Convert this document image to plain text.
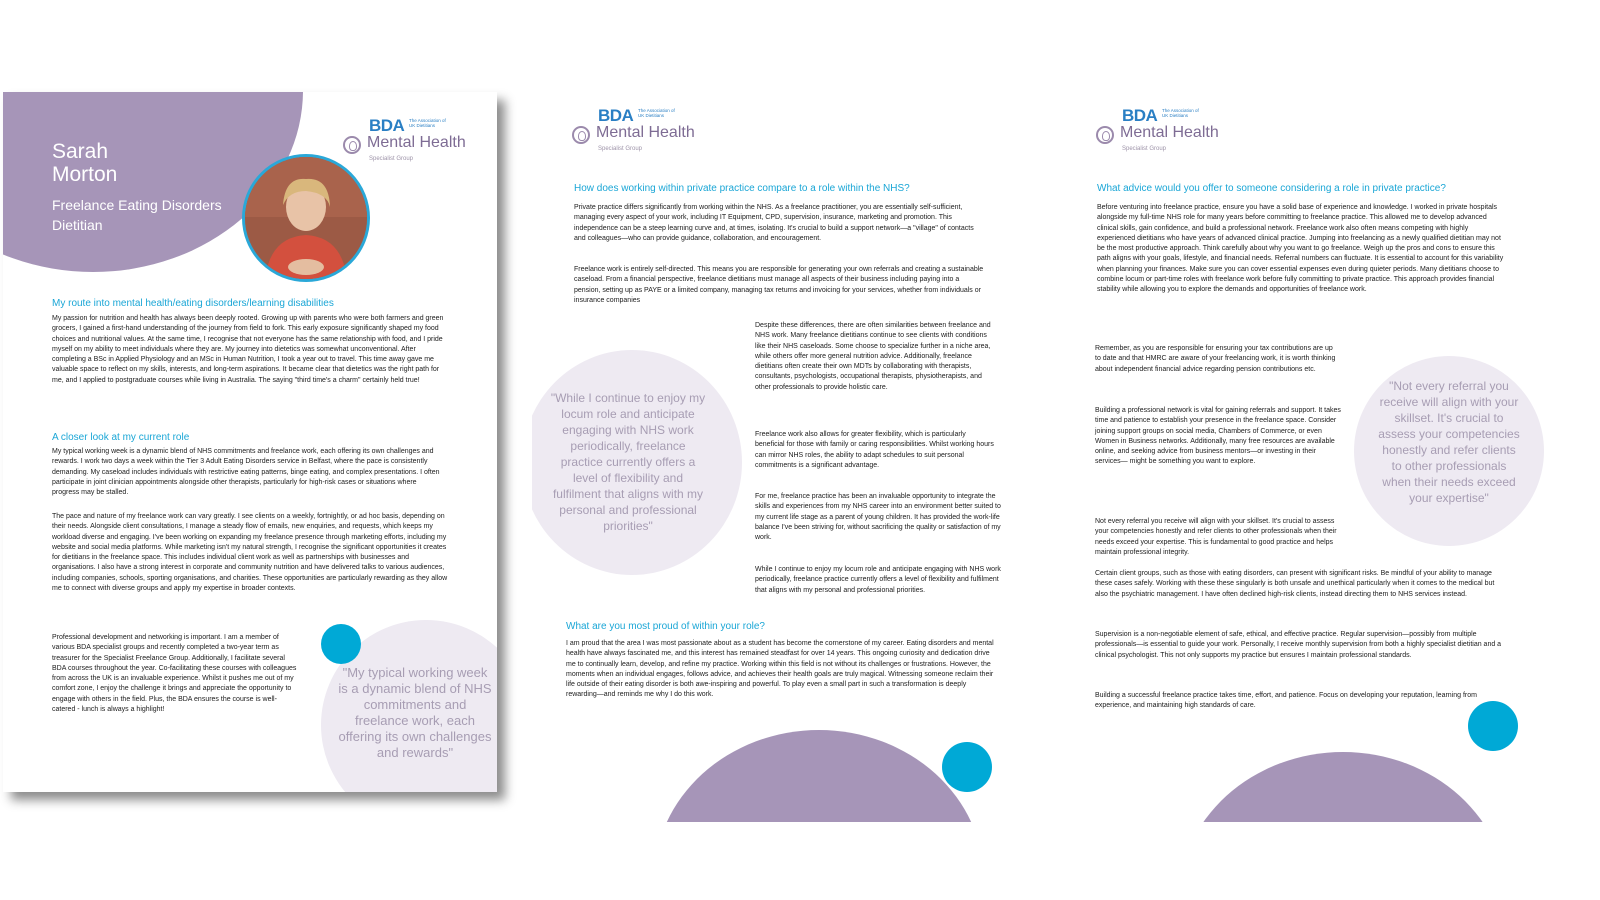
Sarah
Morton
Freelance Eating Disorders Dietitian
BDA The Association of UK Dietitians
Mental Health
Specialist Group
My route into mental health/eating disorders/learning disabilities
My passion for nutrition and health has always been deeply rooted. Growing up with parents who were both farmers and green grocers, I gained a first-hand understanding of the journey from field to fork. This early exposure significantly shaped my food choices and nutritional values. At the same time, I recognise that not everyone has the same relationship with food, and I pride myself on my ability to meet individuals where they are. My journey into dietetics was somewhat unconventional. After completing a BSc in Applied Physiology and an MSc in Human Nutrition, I took a year out to travel. This time away gave me valuable space to reflect on my skills, interests, and long-term aspirations. It became clear that dietetics was the right path for me, and I applied to postgraduate courses while living in Australia. The saying "third time's a charm" certainly held true!
A closer look at my current role
My typical working week is a dynamic blend of NHS commitments and freelance work, each offering its own challenges and rewards. I work two days a week within the Tier 3 Adult Eating Disorders service in Belfast, where the pace is consistently demanding. My caseload includes individuals with restrictive eating patterns, binge eating, and complex presentations. I often participate in joint clinician appointments alongside other therapists, particularly for high-risk cases or situations where progress may be stalled.
The pace and nature of my freelance work can vary greatly. I see clients on a weekly, fortnightly, or ad hoc basis, depending on their needs. Alongside client consultations, I manage a steady flow of emails, new enquiries, and requests, which keeps my workload diverse and engaging. I've been working on expanding my freelance presence through marketing efforts, including my website and social media platforms. While marketing isn't my natural strength, I recognise the significant opportunities it creates for dietitians in the freelance space. This includes individual client work as well as partnerships with businesses and organisations. I also have a strong interest in corporate and community nutrition and have delivered talks to various audiences, including companies, schools, sporting organisations, and charities. These opportunities are particularly rewarding as they allow me to connect with diverse groups and apply my expertise in broader contexts.
Professional development and networking is important. I am a member of various BDA specialist groups and recently completed a two-year term as treasurer for the Specialist Freelance Group. Additionally, I facilitate several BDA courses throughout the year. Co-facilitating these courses with colleagues from across the UK is an invaluable experience. Whilst it pushes me out of my comfort zone, I enjoy the challenge it brings and appreciate the opportunity to engage with others in the field. Plus, the BDA ensures the course is well-catered - lunch is always a highlight!
"My typical working week is a dynamic blend of NHS commitments and freelance work, each offering its own challenges and rewards"
BDA The Association of UK Dietitians
Mental Health
Specialist Group
How does working within private practice compare to a role within the NHS?
Private practice differs significantly from working within the NHS. As a freelance practitioner, you are essentially self-sufficient, managing every aspect of your work, including IT Equipment, CPD, supervision, insurance, marketing and promotion. This independence can be a steep learning curve and, at times, isolating. It's crucial to build a support network—a "village" of contacts and colleagues—who can provide guidance, collaboration, and encouragement.
Freelance work is entirely self-directed. This means you are responsible for generating your own referrals and creating a sustainable caseload. From a financial perspective, freelance dietitians must manage all aspects of their business including paying into a pension, setting up as PAYE or a limited company, managing tax returns and invoicing for your services, whether from individuals or insurance companies
"While I continue to enjoy my locum role and anticipate engaging with NHS work periodically, freelance practice currently offers a level of flexibility and fulfilment that aligns with my personal and professional priorities"
Despite these differences, there are often similarities between freelance and NHS work. Many freelance dietitians continue to see clients with conditions like their NHS caseloads. Some choose to specialize further in a niche area, while others offer more general nutrition advice. Additionally, freelance dietitians often create their own MDTs by collaborating with therapists, consultants, psychologists, occupational therapists, physiotherapists, and other professionals to provide holistic care.
Freelance work also allows for greater flexibility, which is particularly beneficial for those with family or caring responsibilities. Whilst working hours can mirror NHS roles, the ability to adapt schedules to suit personal commitments is a significant advantage.
For me, freelance practice has been an invaluable opportunity to integrate the skills and experiences from my NHS career into an environment better suited to my current life stage as a parent of young children. It has provided the work-life balance I've been striving for, without sacrificing the quality or satisfaction of my work.
While I continue to enjoy my locum role and anticipate engaging with NHS work periodically, freelance practice currently offers a level of flexibility and fulfilment that aligns with my personal and professional priorities.
What are you most proud of within your role?
I am proud that the area I was most passionate about as a student has become the cornerstone of my career. Eating disorders and mental health have always fascinated me, and this interest has remained steadfast for over 14 years. This ongoing curiosity and dedication drive me to continually learn, develop, and refine my practice. Working within this field is not without its challenges or frustrations. However, the moments when an individual engages, follows advice, and achieves their health goals are truly magical. Witnessing someone reclaim their life outside of their eating disorder is both awe-inspiring and powerful. To play even a small part in such a transformation is deeply rewarding—and reminds me why I do this work.
BDA The Association of UK Dietitians
Mental Health
Specialist Group
What advice would you offer to someone considering a role in private practice?
Before venturing into freelance practice, ensure you have a solid base of experience and knowledge. I worked in private hospitals alongside my full-time NHS role for many years before committing to freelance practice. This allowed me to develop advanced clinical skills, gain confidence, and build a professional network. Freelance work also often means competing with highly experienced dietitians who have years of advanced clinical practice. Jumping into freelancing as a newly qualified dietitian may not be the most productive approach. Think carefully about why you want to go freelance. Weigh up the pros and cons to ensure this path aligns with your goals, lifestyle, and financial needs. Referral numbers can fluctuate. It is essential to account for this variability when planning your finances. Make sure you can cover essential expenses even during quieter periods. Many dietitians choose to combine locum or part-time roles with freelance work before fully committing to private practice. This approach provides financial stability while allowing you to explore the demands and opportunities of freelance work.
Remember, as you are responsible for ensuring your tax contributions are up to date and that HMRC are aware of your freelancing work, it is worth thinking about independent financial advice regarding pension contributions etc.
"Not every referral you receive will align with your skillset. It's crucial to assess your competencies honestly and refer clients to other professionals when their needs exceed your expertise"
Building a professional network is vital for gaining referrals and support. It takes time and patience to establish your presence in the freelance space. Consider joining support groups on social media, Chambers of Commerce, or even Women in Business networks. Additionally, many free resources are available online, and seeking advice from business mentors—or investing in their services— might be something you want to explore.
Not every referral you receive will align with your skillset. It's crucial to assess your competencies honestly and refer clients to other professionals when their needs exceed your expertise. This is fundamental to good practice and helps maintain professional integrity.
Certain client groups, such as those with eating disorders, can present with significant risks. Be mindful of your ability to manage these cases safely. Working with these these singularly is both unsafe and unethical particularly when it comes to the medical but also the psychiatric management. I have often declined high-risk clients, instead directing them to NHS services instead.
Supervision is a non-negotiable element of safe, ethical, and effective practice. Regular supervision—possibly from multiple professionals—is essential to guide your work. Personally, I receive monthly supervision from both a highly specialist dietitian and a clinical psychologist. This not only supports my practice but ensures I maintain professional standards.
Building a successful freelance practice takes time, effort, and patience. Focus on developing your reputation, learning from experience, and maintaining high standards of care.
